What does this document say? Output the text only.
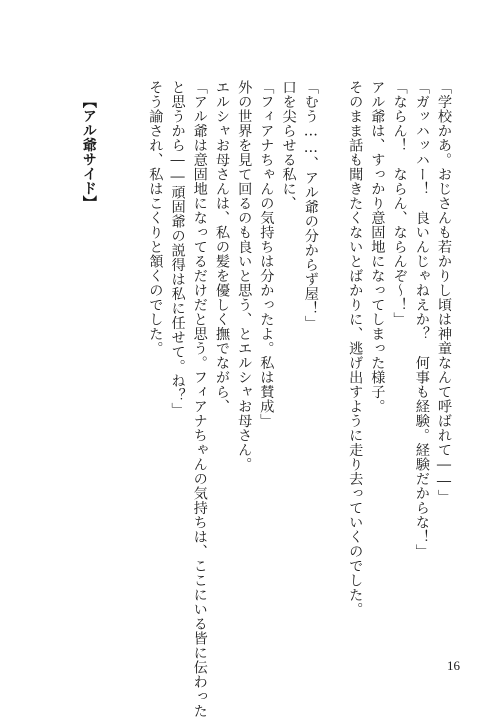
「学校かあ。おじさんも若かりし頃は神童なんて呼ばれて――」
「ガッハッハー！　良いんじゃねえか？　何事も経験。経験だからな！」
「ならん！　ならん、ならんぞ～！」
アル爺は、すっかり意固地になってしまった様子。
そのまま話も聞きたくないとばかりに、逃げ出すように走り去っていくのでした。
「むう……、アル爺の分からず屋！」
口を尖らせる私に、
「フィアナちゃんの気持ちは分かったよ。私は賛成」
外の世界を見て回るのも良いと思う、とエルシャお母さん。
エルシャお母さんは、私の髪を優しく撫でながら、
「アル爺は意固地になってるだけだと思う。フィアナちゃんの気持ちは、ここにいる皆に伝わった
と思うから――頑固爺の説得は私に任せて。ね？」
そう諭され、私はこくりと頷くのでした。
【アル爺サイド】
16
